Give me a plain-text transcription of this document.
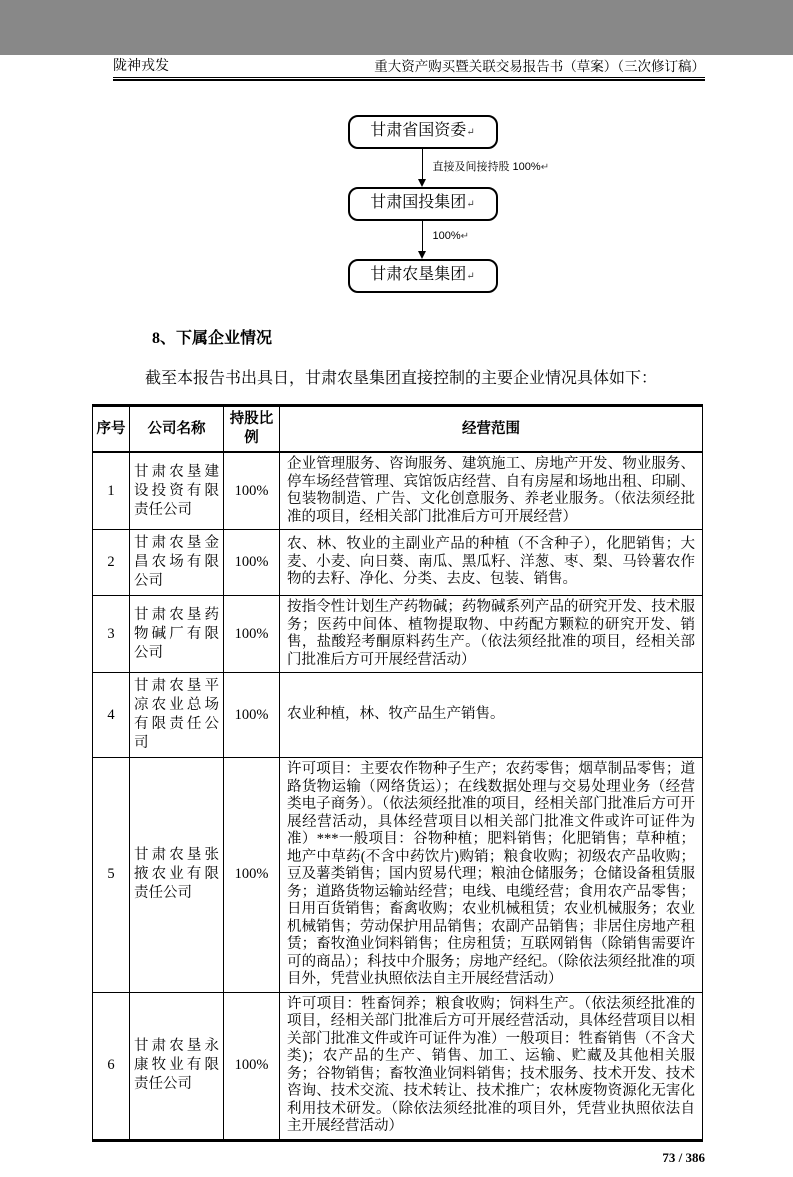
陇神戎发	重大资产购买暨关联交易报告书（草案）（三次修订稿）
甘肃省国资委↵
直接及间接持股 100%↵
甘肃国投集团↵
100%↵
甘肃农垦集团↵
8、下属企业情况
截至本报告书出具日，甘肃农垦集团直接控制的主要企业情况具体如下：
序号	公司名称	持股比例	经营范围
1	甘肃农垦建设投资有限责任公司	100%	企业管理服务、咨询服务、建筑施工、房地产开发、物业服务、停车场经营管理、宾馆饭店经营、自有房屋和场地出租、印刷、包装物制造、广告、文化创意服务、养老业服务。（依法须经批准的项目，经相关部门批准后方可开展经营）
2	甘肃农垦金昌农场有限公司	100%	农、林、牧业的主副业产品的种植（不含种子），化肥销售；大麦、小麦、向日葵、南瓜、黑瓜籽、洋葱、枣、梨、马铃薯农作物的去籽、净化、分类、去皮、包装、销售。
3	甘肃农垦药物碱厂有限公司	100%	按指令性计划生产药物碱；药物碱系列产品的研究开发、技术服务；医药中间体、植物提取物、中药配方颗粒的研究开发、销售，盐酸羟考酮原料药生产。（依法须经批准的项目，经相关部门批准后方可开展经营活动）
4	甘肃农垦平凉农业总场有限责任公司	100%	农业种植，林、牧产品生产销售。
5	甘肃农垦张掖农业有限责任公司	100%	许可项目：主要农作物种子生产；农药零售；烟草制品零售；道路货物运输（网络货运）；在线数据处理与交易处理业务（经营类电子商务）。（依法须经批准的项目，经相关部门批准后方可开展经营活动，具体经营项目以相关部门批准文件或许可证件为准）***一般项目：谷物种植；肥料销售；化肥销售；草种植；地产中草药(不含中药饮片)购销；粮食收购；初级农产品收购；豆及薯类销售；国内贸易代理；粮油仓储服务；仓储设备租赁服务；道路货物运输站经营；电线、电缆经营；食用农产品零售；日用百货销售；畜禽收购；农业机械租赁；农业机械服务；农业机械销售；劳动保护用品销售；农副产品销售；非居住房地产租赁；畜牧渔业饲料销售；住房租赁；互联网销售（除销售需要许可的商品）；科技中介服务；房地产经纪。（除依法须经批准的项目外，凭营业执照依法自主开展经营活动）
6	甘肃农垦永康牧业有限责任公司	100%	许可项目：牲畜饲养；粮食收购；饲料生产。（依法须经批准的项目，经相关部门批准后方可开展经营活动，具体经营项目以相关部门批准文件或许可证件为准）一般项目：牲畜销售（不含犬类)；农产品的生产、销售、加工、运输、贮藏及其他相关服务；谷物销售；畜牧渔业饲料销售；技术服务、技术开发、技术咨询、技术交流、技术转让、技术推广；农林废物资源化无害化利用技术研发。（除依法须经批准的项目外，凭营业执照依法自主开展经营活动）
73 / 386
